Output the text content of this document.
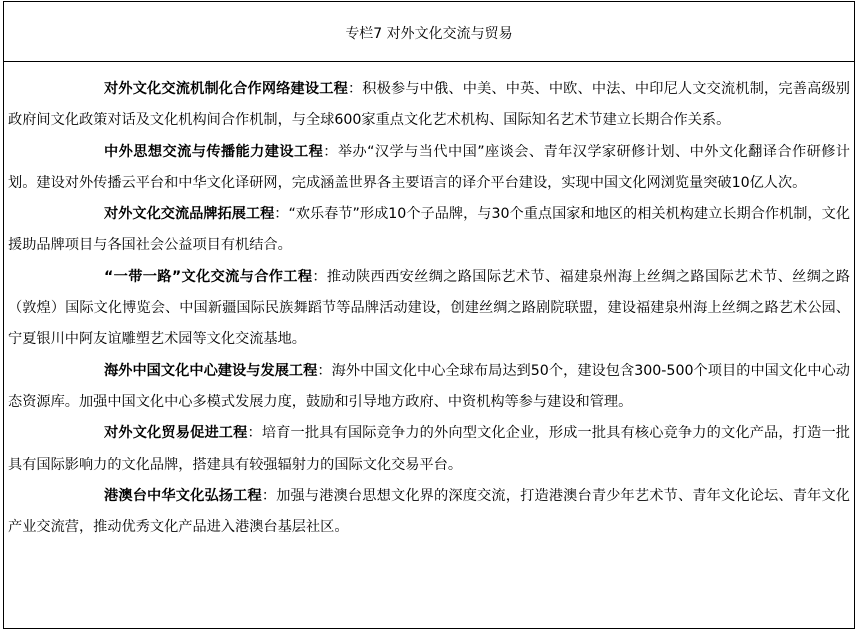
专栏7 对外文化交流与贸易

对外文化交流机制化合作网络建设工程：积极参与中俄、中美、中英、中欧、中法、中印尼人文交流机制，完善高级别政府间文化政策对话及文化机构间合作机制，与全球600家重点文化艺术机构、国际知名艺术节建立长期合作关系。

中外思想交流与传播能力建设工程：举办“汉学与当代中国”座谈会、青年汉学家研修计划、中外文化翻译合作研修计划。建设对外传播云平台和中华文化译研网，完成涵盖世界各主要语言的译介平台建设，实现中国文化网浏览量突破10亿人次。

对外文化交流品牌拓展工程：“欢乐春节”形成10个子品牌，与30个重点国家和地区的相关机构建立长期合作机制，文化援助品牌项目与各国社会公益项目有机结合。

“一带一路”文化交流与合作工程：推动陕西西安丝绸之路国际艺术节、福建泉州海上丝绸之路国际艺术节、丝绸之路（敦煌）国际文化博览会、中国新疆国际民族舞蹈节等品牌活动建设，创建丝绸之路剧院联盟，建设福建泉州海上丝绸之路艺术公园、宁夏银川中阿友谊雕塑艺术园等文化交流基地。

海外中国文化中心建设与发展工程：海外中国文化中心全球布局达到50个，建设包含300-500个项目的中国文化中心动态资源库。加强中国文化中心多模式发展力度，鼓励和引导地方政府、中资机构等参与建设和管理。

对外文化贸易促进工程：培育一批具有国际竞争力的外向型文化企业，形成一批具有核心竞争力的文化产品，打造一批具有国际影响力的文化品牌，搭建具有较强辐射力的国际文化交易平台。

港澳台中华文化弘扬工程：加强与港澳台思想文化界的深度交流，打造港澳台青少年艺术节、青年文化论坛、青年文化产业交流营，推动优秀文化产品进入港澳台基层社区。
